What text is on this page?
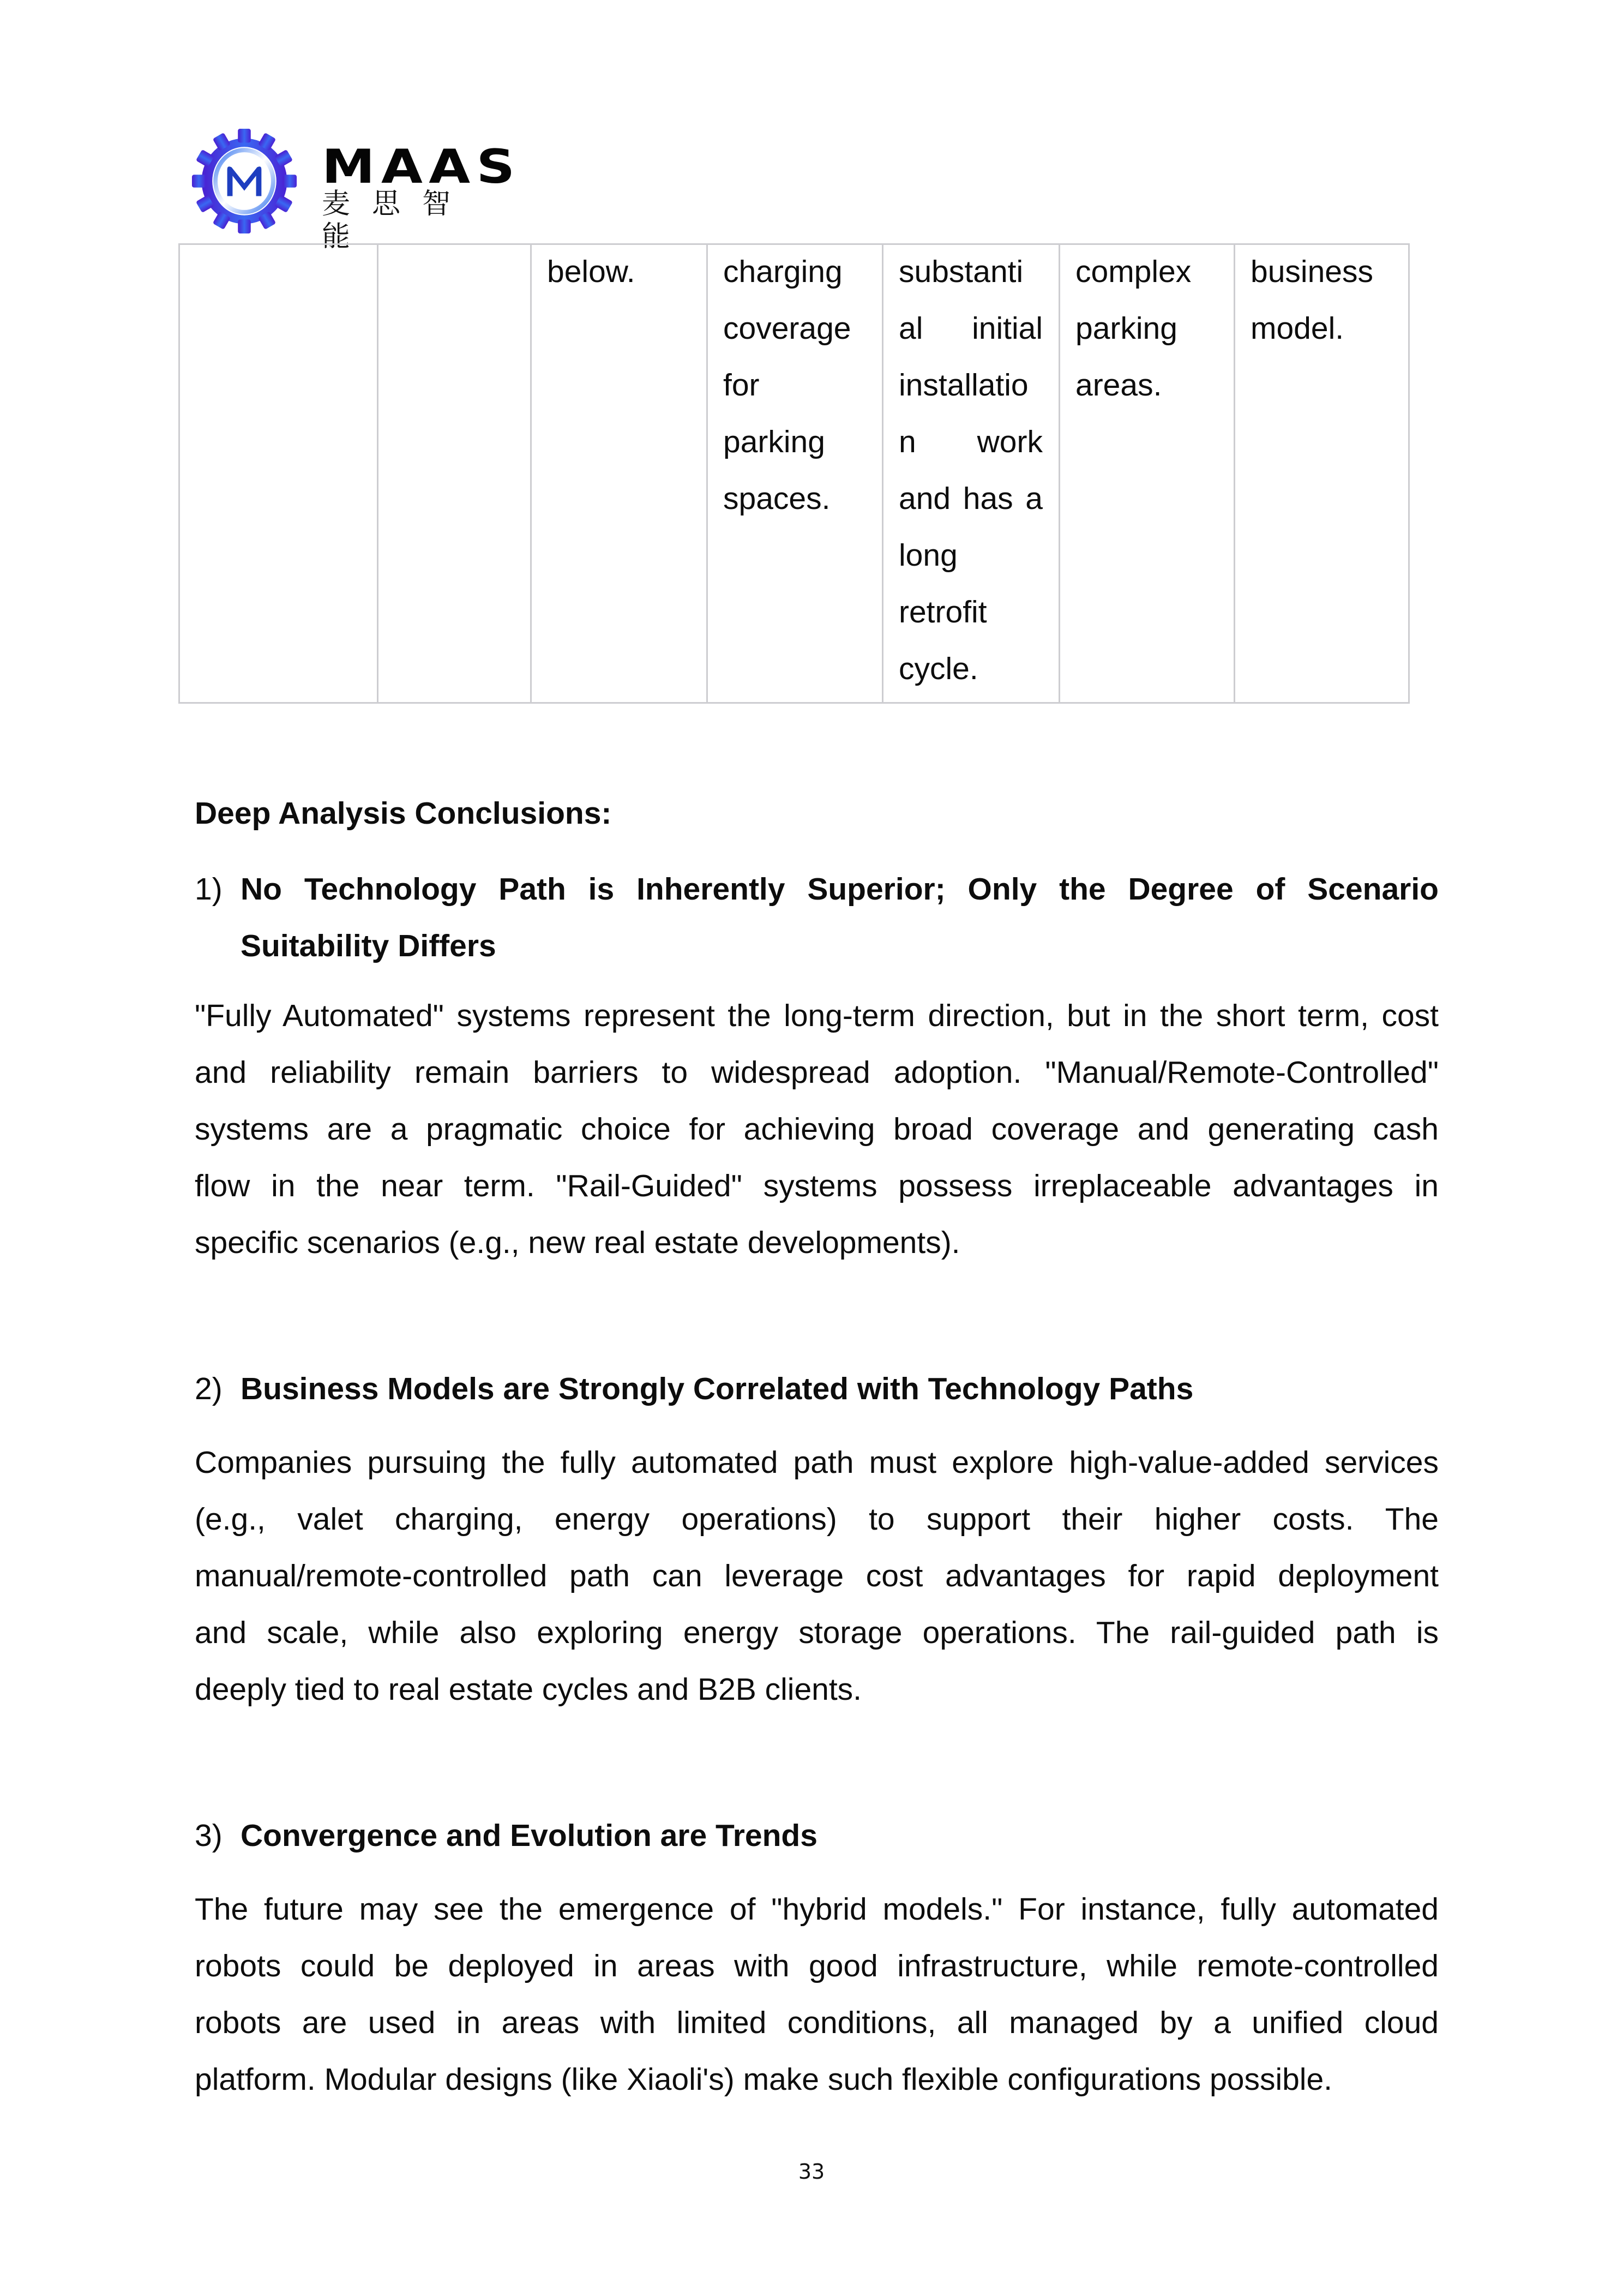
MAAS
麦思智能
below.	charging
coverage
for
parking
spaces.
substanti
al initial
installatio
n work
and has a
long
retrofit
cycle.
complex
parking
areas.
business
model.
Deep Analysis Conclusions:
1) No Technology Path is Inherently Superior; Only the Degree of Scenario
Suitability Differs
"Fully Automated" systems represent the long-term direction, but in the short term, cost
and reliability remain barriers to widespread adoption. "Manual/Remote-Controlled"
systems are a pragmatic choice for achieving broad coverage and generating cash
flow in the near term. "Rail-Guided" systems possess irreplaceable advantages in
specific scenarios (e.g., new real estate developments).
2) Business Models are Strongly Correlated with Technology Paths
Companies pursuing the fully automated path must explore high-value-added services
(e.g., valet charging, energy operations) to support their higher costs. The
manual/remote-controlled path can leverage cost advantages for rapid deployment
and scale, while also exploring energy storage operations. The rail-guided path is
deeply tied to real estate cycles and B2B clients.
3) Convergence and Evolution are Trends
The future may see the emergence of "hybrid models." For instance, fully automated
robots could be deployed in areas with good infrastructure, while remote-controlled
robots are used in areas with limited conditions, all managed by a unified cloud
platform. Modular designs (like Xiaoli's) make such flexible configurations possible.
33
